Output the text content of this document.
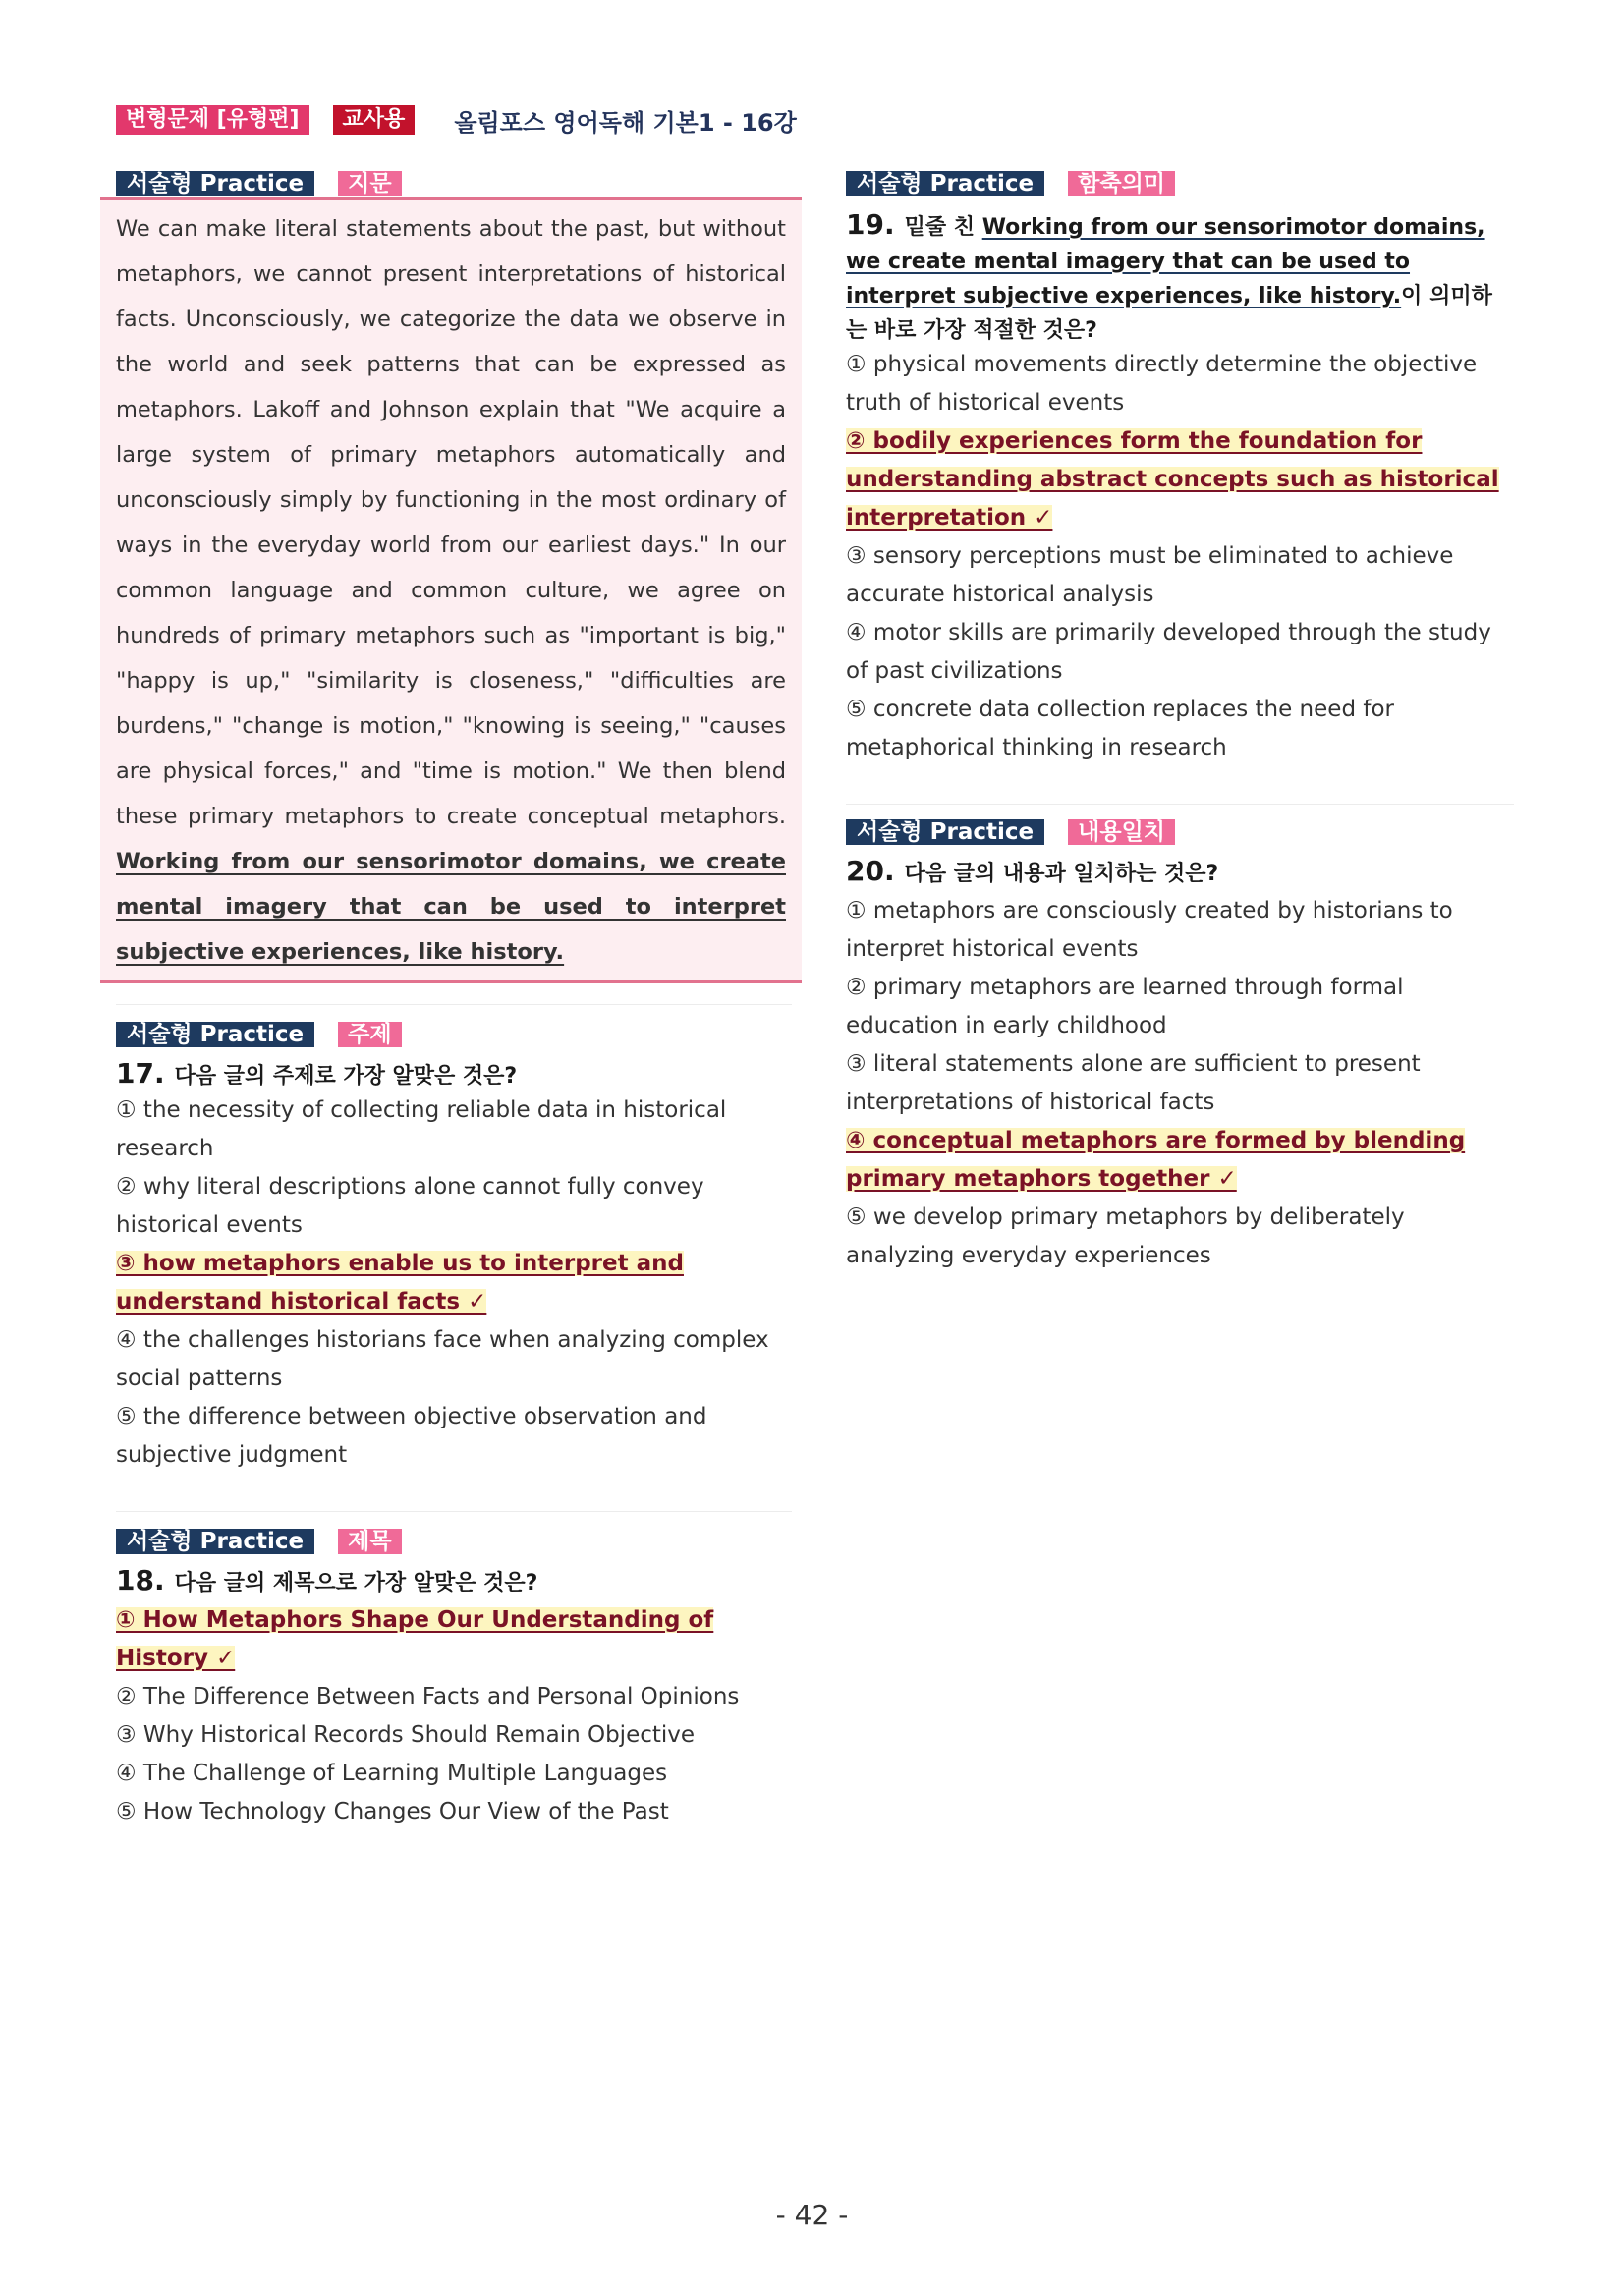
변형문제 [유형편]	교사용	올림포스 영어독해 기본1 - 16강
서술형 Practice	지문

We can make literal statements about the past, but without metaphors, we cannot present interpretations of historical facts. Unconsciously, we categorize the data we observe in the world and seek patterns that can be expressed as metaphors. Lakoff and Johnson explain that "We acquire a large system of primary metaphors automatically and unconsciously simply by functioning in the most ordinary of ways in the everyday world from our earliest days." In our common language and common culture, we agree on hundreds of primary metaphors such as "important is big," "happy is up," "similarity is closeness," "difficulties are burdens," "change is motion," "knowing is seeing," "causes are physical forces," and "time is motion." We then blend these primary metaphors to create conceptual metaphors. Working from our sensorimotor domains, we create mental imagery that can be used to interpret subjective experiences, like history.

서술형 Practice	주제

17. 다음 글의 주제로 가장 알맞은 것은?

① the necessity of collecting reliable data in historical research
② why literal descriptions alone cannot fully convey historical events
③ how metaphors enable us to interpret and understand historical facts ✓
④ the challenges historians face when analyzing complex social patterns
⑤ the difference between objective observation and subjective judgment
서술형 Practice	제목

18. 다음 글의 제목으로 가장 알맞은 것은?

① How Metaphors Shape Our Understanding of History ✓
② The Difference Between Facts and Personal Opinions
③ Why Historical Records Should Remain Objective
④ The Challenge of Learning Multiple Languages
⑤ How Technology Changes Our View of the Past
서술형 Practice	함축의미

19. 밑줄 친 Working from our sensorimotor domains, we create mental imagery that can be used to interpret subjective experiences, like history.이 의미하는 바로 가장 적절한 것은?

① physical movements directly determine the objective truth of historical events
② bodily experiences form the foundation for understanding abstract concepts such as historical interpretation ✓
③ sensory perceptions must be eliminated to achieve accurate historical analysis
④ motor skills are primarily developed through the study of past civilizations
⑤ concrete data collection replaces the need for metaphorical thinking in research
서술형 Practice	내용일치

20. 다음 글의 내용과 일치하는 것은?

① metaphors are consciously created by historians to interpret historical events
② primary metaphors are learned through formal education in early childhood
③ literal statements alone are sufficient to present interpretations of historical facts
④ conceptual metaphors are formed by blending primary metaphors together ✓
⑤ we develop primary metaphors by deliberately analyzing everyday experiences
- 42 -
